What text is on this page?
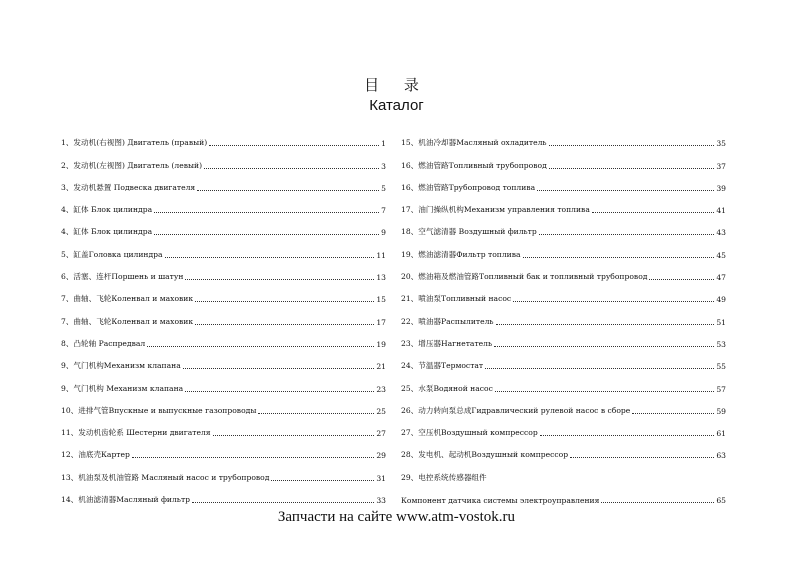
目 录
Каталог
1、发动机(右视图) Двигатель (правый)	1
2、发动机(左视图) Двигатель (левый)	3
3、发动机悬置 Подвеска двигателя	5
4、缸体 Блок цилиндра	7
4、缸体 Блок цилиндра	9
5、缸盖Головка цилиндра	11
6、活塞、连杆Поршень и шатун	13
7、曲轴、飞轮Коленвал и маховик	15
7、曲轴、飞轮Коленвал и маховик	17
8、凸轮轴 Распредвал	19
9、气门机构Механизм клапана	21
9、气门机构 Механизм клапана	23
10、进排气管Впускные и выпускные газопроводы	25
11、发动机齿轮系 Шестерни двигателя	27
12、油底壳Картер	29
13、机油泵及机油管路 Масляный насос и трубопровод	31
14、机油滤清器Масляный фильтр	33
15、机油冷却器Масляный охладитель	35
16、燃油管路Топливный трубопровод	37
16、燃油管路Трубопровод топлива	39
17、油门操纵机构Механизм управления топлива	41
18、空气滤清器 Воздушный фильтр	43
19、燃油滤清器Фильтр топлива	45
20、燃油箱及燃油管路Топливный бак и топливный трубопровод	47
21、喷油泵Топливный насос	49
22、喷油器Распылитель	51
23、增压器Нагнетатель	53
24、节温器Термостат	55
25、水泵Водяной насос	57
26、动力转向泵总成Гидравлический рулевой насос в сборе	59
27、空压机Воздушный компрессор	61
28、发电机、起动机Воздушный компрессор	63
29、电控系统传感器组件
Компонент датчика системы электроуправления	65
Запчасти на сайте www.atm-vostok.ru
